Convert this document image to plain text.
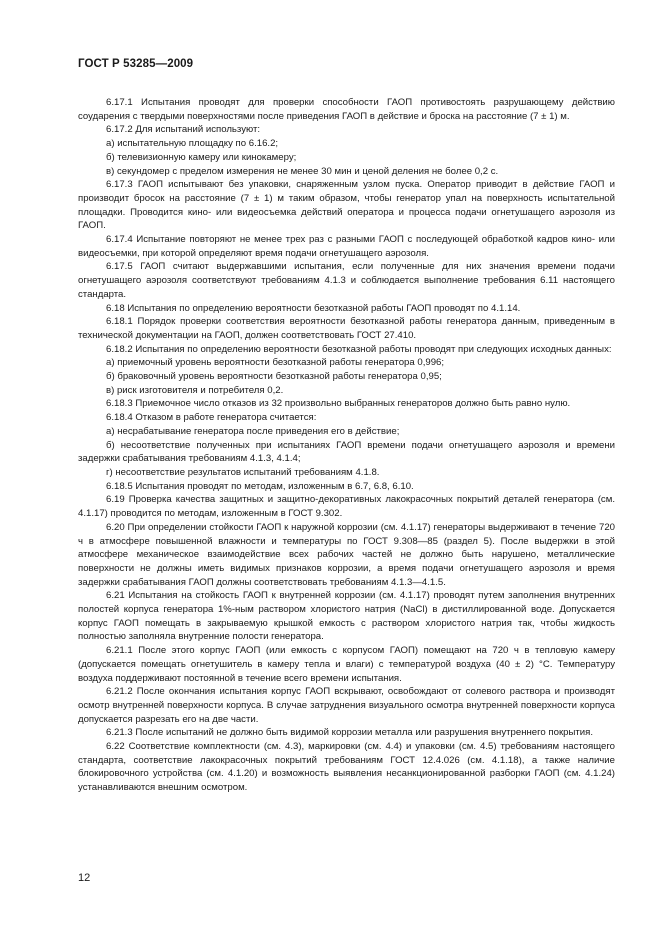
ГОСТ Р 53285—2009

6.17.1 Испытания проводят для проверки способности ГАОП противостоять разрушающему действию соударения с твердыми поверхностями после приведения ГАОП в действие и броска на расстояние (7 ± 1) м.

6.17.2 Для испытаний используют:

а) испытательную площадку по 6.16.2;

б) телевизионную камеру или кинокамеру;

в) секундомер с пределом измерения не менее 30 мин и ценой деления не более 0,2 с.

6.17.3 ГАОП испытывают без упаковки, снаряженным узлом пуска. Оператор приводит в действие ГАОП и производит бросок на расстояние (7 ± 1) м таким образом, чтобы генератор упал на поверхность испытательной площадки. Проводится кино- или видеосъемка действий оператора и процесса подачи огнетушащего аэрозоля из ГАОП.

6.17.4 Испытание повторяют не менее трех раз с разными ГАОП с последующей обработкой кадров кино- или видеосъемки, при которой определяют время подачи огнетушащего аэрозоля.

6.17.5 ГАОП считают выдержавшими испытания, если полученные для них значения времени подачи огнетушащего аэрозоля соответствуют требованиям 4.1.3 и соблюдается выполнение требования 6.11 настоящего стандарта.

6.18 Испытания по определению вероятности безотказной работы ГАОП проводят по 4.1.14.

6.18.1 Порядок проверки соответствия вероятности безотказной работы генератора данным, приведенным в технической документации на ГАОП, должен соответствовать ГОСТ 27.410.

6.18.2 Испытания по определению вероятности безотказной работы проводят при следующих исходных данных:

а) приемочный уровень вероятности безотказной работы генератора 0,996;

б) браковочный уровень вероятности безотказной работы генератора 0,95;

в) риск изготовителя и потребителя 0,2.

6.18.3 Приемочное число отказов из 32 произвольно выбранных генераторов должно быть равно нулю.

6.18.4 Отказом в работе генератора считается:

а) несрабатывание генератора после приведения его в действие;

б) несоответствие полученных при испытаниях ГАОП времени подачи огнетушащего аэрозоля и времени задержки срабатывания требованиям 4.1.3, 4.1.4;

г) несоответствие результатов испытаний требованиям 4.1.8.

6.18.5 Испытания проводят по методам, изложенным в 6.7, 6.8, 6.10.

6.19 Проверка качества защитных и защитно-декоративных лакокрасочных покрытий деталей генератора (см. 4.1.17) проводится по методам, изложенным в ГОСТ 9.302.

6.20 При определении стойкости ГАОП к наружной коррозии (см. 4.1.17) генераторы выдерживают в течение 720 ч в атмосфере повышенной влажности и температуры по ГОСТ 9.308—85 (раздел 5). После выдержки в этой атмосфере механическое взаимодействие всех рабочих частей не должно быть нарушено, металлические поверхности не должны иметь видимых признаков коррозии, а время подачи огнетушащего аэрозоля и время задержки срабатывания ГАОП должны соответствовать требованиям 4.1.3—4.1.5.

6.21 Испытания на стойкость ГАОП к внутренней коррозии (см. 4.1.17) проводят путем заполнения внутренних полостей корпуса генератора 1%-ным раствором хлористого натрия (NaCl) в дистиллированной воде. Допускается корпус ГАОП помещать в закрываемую крышкой емкость с раствором хлористого натрия так, чтобы жидкость полностью заполняла внутренние полости генератора.

6.21.1 После этого корпус ГАОП (или емкость с корпусом ГАОП) помещают на 720 ч в тепловую камеру (допускается помещать огнетушитель в камеру тепла и влаги) с температурой воздуха (40 ± 2) °С. Температуру воздуха поддерживают постоянной в течение всего времени испытания.

6.21.2 После окончания испытания корпус ГАОП вскрывают, освобождают от солевого раствора и производят осмотр внутренней поверхности корпуса. В случае затруднения визуального осмотра внутренней поверхности корпуса допускается разрезать его на две части.

6.21.3 После испытаний не должно быть видимой коррозии металла или разрушения внутреннего покрытия.

6.22 Соответствие комплектности (см. 4.3), маркировки (см. 4.4) и упаковки (см. 4.5) требованиям настоящего стандарта, соответствие лакокрасочных покрытий требованиям ГОСТ 12.4.026 (см. 4.1.18), а также наличие блокировочного устройства (см. 4.1.20) и возможность выявления несанкционированной разборки ГАОП (см. 4.1.24) устанавливаются внешним осмотром.

12
